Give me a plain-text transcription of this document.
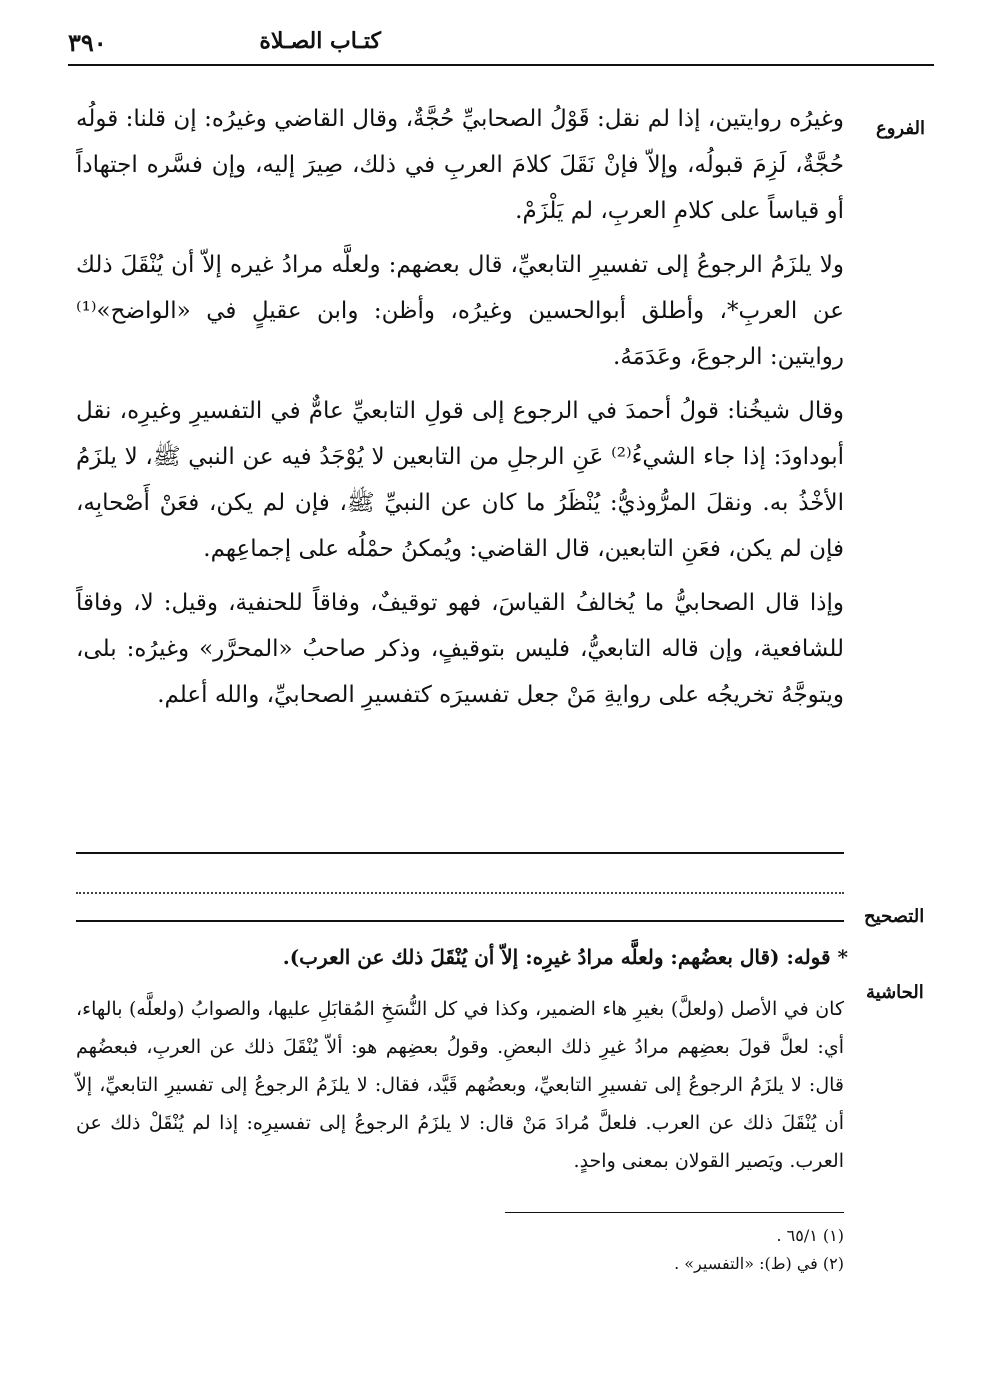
كتـاب الصـلاة
٣٩٠
الفروع
التصحيح
الحاشية

وغيرُه روايتين، إذا لم نقل: قَوْلُ الصحابيِّ حُجَّةٌ، وقال القاضي وغيرُه: إن قلنا: قولُه حُجَّةٌ، لَزِمَ قبولُه، وإلاّ فإنْ نَقَلَ كلامَ العربِ في ذلك، صِيرَ إليه، وإن فسَّره اجتهاداً أو قياساً على كلامِ العربِ، لم يَلْزَمْ.

ولا يلزَمُ الرجوعُ إلى تفسيرِ التابعيِّ، قال بعضهم: ولعلَّه مرادُ غيره إلاّ أن يُنْقَلَ ذلك عن العربِ*، وأطلق أبوالحسين وغيرُه، وأظن: وابن عقيلٍ في «الواضح»⁽¹⁾ روايتين: الرجوعَ، وعَدَمَهُ.

وقال شيخُنا: قولُ أحمدَ في الرجوع إلى قولِ التابعيِّ عامٌّ في التفسيرِ وغيرِه، نقل أبوداودَ: إذا جاء الشيءُ⁽²⁾ عَنِ الرجلِ من التابعين لا يُوْجَدُ فيه عن النبي ﷺ، لا يلزَمُ الأخْذُ به. ونقلَ المرُّوذيُّ: يُنْظَرُ ما كان عن النبيِّ ﷺ، فإن لم يكن، فعَنْ أَصْحابِه، فإن لم يكن، فعَنِ التابعين، قال القاضي: ويُمكنُ حمْلُه على إجماعِهم.

وإذا قال الصحابيُّ ما يُخالفُ القياسَ، فهو توقيفٌ، وفاقاً للحنفية، وقيل: لا، وفاقاً للشافعية، وإن قاله التابعيُّ، فليس بتوقيفٍ، وذكر صاحبُ «المحرَّر» وغيرُه: بلى، ويتوجَّهُ تخريجُه على روايةِ مَنْ جعل تفسيرَه كتفسيرِ الصحابيِّ، والله أعلم.

* قوله: (قال بعضُهم: ولعلَّه مرادُ غيرِه: إلاّ أن يُنْقَلَ ذلك عن العرب).
كان في الأصل (ولعلَّ) بغيرِ هاء الضمير، وكذا في كل النُّسَخِ المُقابَلِ عليها، والصوابُ (ولعلَّه) بالهاء، أي: لعلَّ قولَ بعضِهم مرادُ غيرِ ذلك البعضِ. وقولُ بعضِهم هو: ألاّ يُنْقَلَ ذلك عن العربِ، فبعضُهم قال: لا يلزَمُ الرجوعُ إلى تفسيرِ التابعيِّ، وبعضُهم قَيَّد، فقال: لا يلزَمُ الرجوعُ إلى تفسيرِ التابعيِّ، إلاّ أن يُنْقَلَ ذلك عن العرب. فلعلَّ مُرادَ مَنْ قال: لا يلزَمُ الرجوعُ إلى تفسيرِه: إذا لم يُنْقَلْ ذلك عن العرب. ويَصير القولان بمعنى واحدٍ.
(١) ٦٥/١ .
(٢) في (ط): «التفسير» .
